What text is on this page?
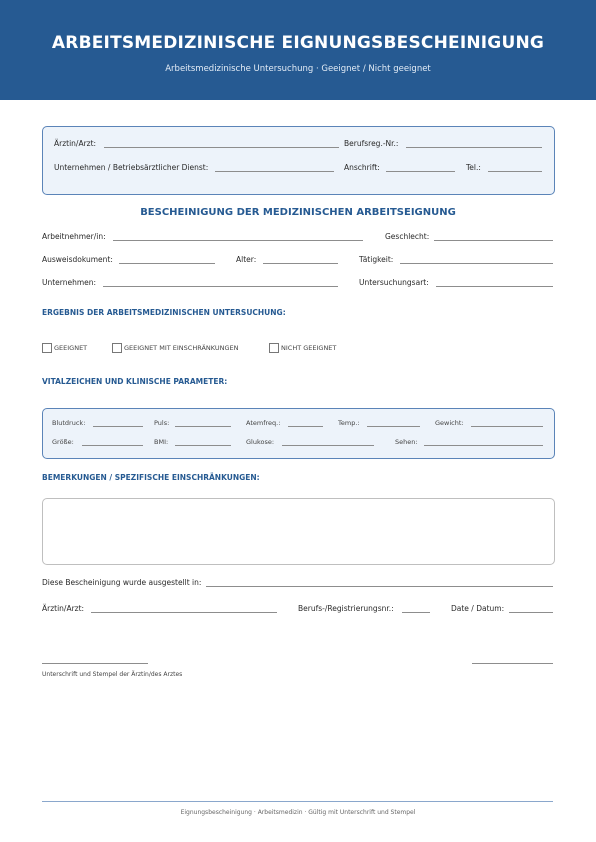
ARBEITSMEDIZINISCHE EIGNUNGSBESCHEINIGUNG
Arbeitsmedizinische Untersuchung · Geeignet / Nicht geeignet
Ärztin/Arzt:	Berufsreg.-Nr.:
Unternehmen / Betriebsärztlicher Dienst:	Anschrift:	Tel.:
BESCHEINIGUNG DER MEDIZINISCHEN ARBEITSEIGNUNG
Arbeitnehmer/in:	Geschlecht:
Ausweisdokument:	Alter:	Tätigkeit:
Unternehmen:	Untersuchungsart:
ERGEBNIS DER ARBEITSMEDIZINISCHEN UNTERSUCHUNG:
GEEIGNET	GEEIGNET MIT EINSCHRÄNKUNGEN	NICHT GEEIGNET
VITALZEICHEN UND KLINISCHE PARAMETER:
Blutdruck:	Puls:	Atemfreq.:	Temp.:	Gewicht:
Größe:	BMI:	Glukose:	Sehen:
BEMERKUNGEN / SPEZIFISCHE EINSCHRÄNKUNGEN:
Diese Bescheinigung wurde ausgestellt in:
Ärztin/Arzt:	Berufs-/Registrierungsnr.:	Date / Datum:
Unterschrift und Stempel der Ärztin/des Arztes
Eignungsbescheinigung · Arbeitsmedizin · Gültig mit Unterschrift und Stempel
